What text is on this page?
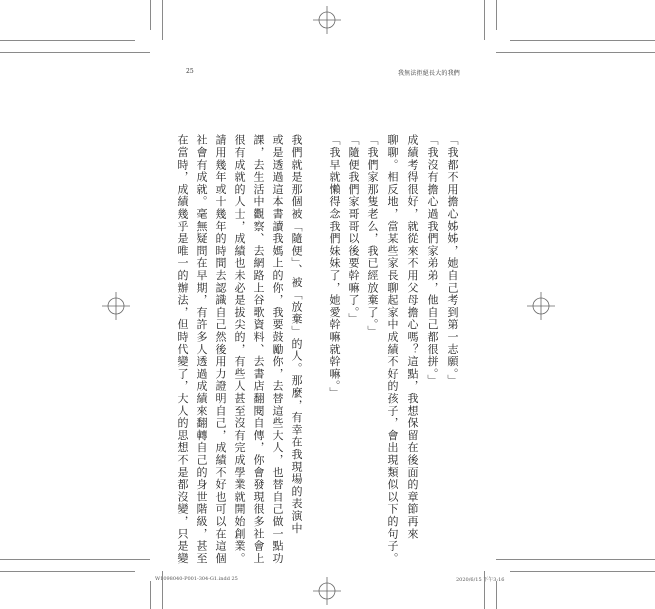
25	我無法拒絕長大的我們
「我都不用擔心姊姊，她自己考到第一志願。」
「我沒有擔心過我們家弟弟，他自己都很拼。」
成績考得很好，就從來不用父母擔心嗎？這點，我想保留在後面的章節再來
聊聊。相反地，當某些家長聊起家中成績不好的孩子，會出現類似以下的句子。
「我們家那隻老么，我已經放棄了。」
「隨便我們家哥哥以後要幹嘛了。」
「我早就懶得念我們妹妹了，她愛幹嘛就幹嘛。」
我們就是那個被「隨便」、被「放棄」的人。那麼，有幸在我現場的表演中
或是透過這本書讀我媽上的你，我要鼓勵你，去替這些大人，也替自己做一點功
課，去生活中觀察、去網路上谷歌資料、去書店翻閱自傳，你會發現很多社會上
很有成就的人士，成績也未必是拔尖的，有些人甚至沒有完成學業就開始創業。
請用幾年或十幾年的時間去認識自己然後用力證明自己，成績不好也可以在這個
社會有成就。毫無疑問在早期，有許多人透過成績來翻轉自己的身世階級，甚至
在當時，成績幾乎是唯一的辦法，但時代變了，大人的思想不是都沒變，只是變
W1098040-P001-304-G1.indd 25	2020/6/15 下午3:16
